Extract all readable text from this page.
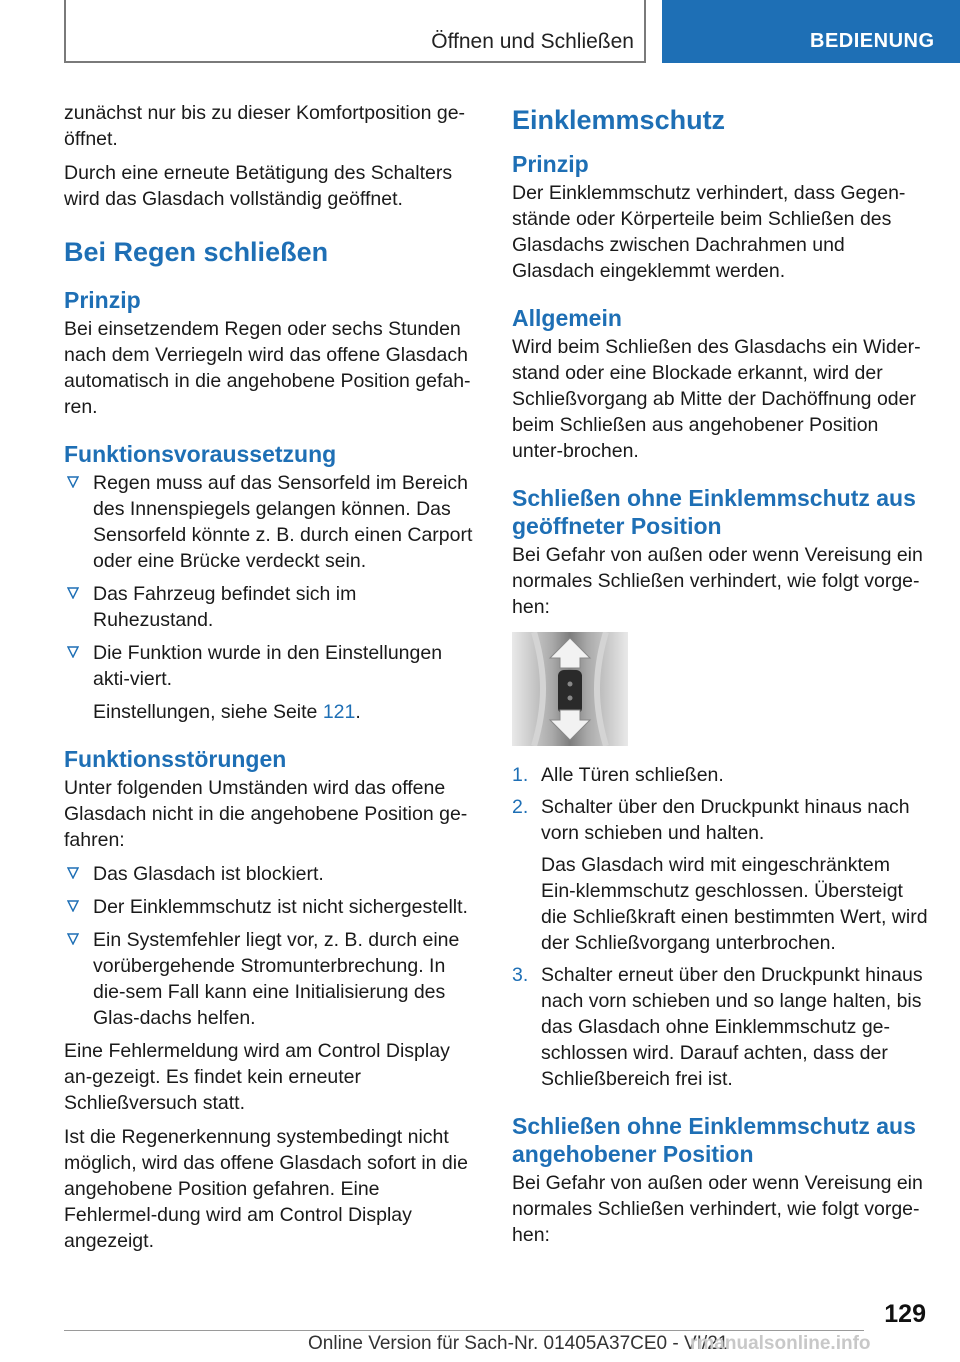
Öffnen und Schließen	BEDIENUNG

zunächst nur bis zu dieser Komfortposition ge-öffnet.

Durch eine erneute Betätigung des Schalters wird das Glasdach vollständig geöffnet.

Bei Regen schließen
Prinzip

Bei einsetzendem Regen oder sechs Stunden nach dem Verriegeln wird das offene Glasdach automatisch in die angehobene Position gefah-ren.

Funktionsvoraussetzung
Regen muss auf das Sensorfeld im Bereich des Innenspiegels gelangen können. Das Sensorfeld könnte z. B. durch einen Carport oder eine Brücke verdeckt sein.
Das Fahrzeug befindet sich im Ruhezustand.
Die Funktion wurde in den Einstellungen akti-viert.

Einstellungen, siehe Seite 121.

Funktionsstörungen

Unter folgenden Umständen wird das offene Glasdach nicht in die angehobene Position ge-fahren:

Das Glasdach ist blockiert.
Der Einklemmschutz ist nicht sichergestellt.
Ein Systemfehler liegt vor, z. B. durch eine vorübergehende Stromunterbrechung. In die-sem Fall kann eine Initialisierung des Glas-dachs helfen.

Eine Fehlermeldung wird am Control Display an-gezeigt. Es findet kein erneuter Schließversuch statt.

Ist die Regenerkennung systembedingt nicht möglich, wird das offene Glasdach sofort in die angehobene Position gefahren. Eine Fehlermel-dung wird am Control Display angezeigt.

Einklemmschutz
Prinzip

Der Einklemmschutz verhindert, dass Gegen-stände oder Körperteile beim Schließen des Glasdachs zwischen Dachrahmen und Glasdach eingeklemmt werden.

Allgemein

Wird beim Schließen des Glasdachs ein Wider-stand oder eine Blockade erkannt, wird der Schließvorgang ab Mitte der Dachöffnung oder beim Schließen aus angehobener Position unter-brochen.

Schließen ohne Einklemmschutz aus geöffneter Position

Bei Gefahr von außen oder wenn Vereisung ein normales Schließen verhindert, wie folgt vorge-hen:

1. Alle Türen schließen.
2. Schalter über den Druckpunkt hinaus nach vorn schieben und halten.

Das Glasdach wird mit eingeschränktem Ein-klemmschutz geschlossen. Übersteigt die Schließkraft einen bestimmten Wert, wird der Schließvorgang unterbrochen.

3. Schalter erneut über den Druckpunkt hinaus nach vorn schieben und so lange halten, bis das Glasdach ohne Einklemmschutz ge-schlossen wird. Darauf achten, dass der Schließbereich frei ist.
Schließen ohne Einklemmschutz aus angehobener Position

Bei Gefahr von außen oder wenn Vereisung ein normales Schließen verhindert, wie folgt vorge-hen:

129
Online Version für Sach-Nr. 01405A37CE0 - VI/21
rmanualsonline.info
